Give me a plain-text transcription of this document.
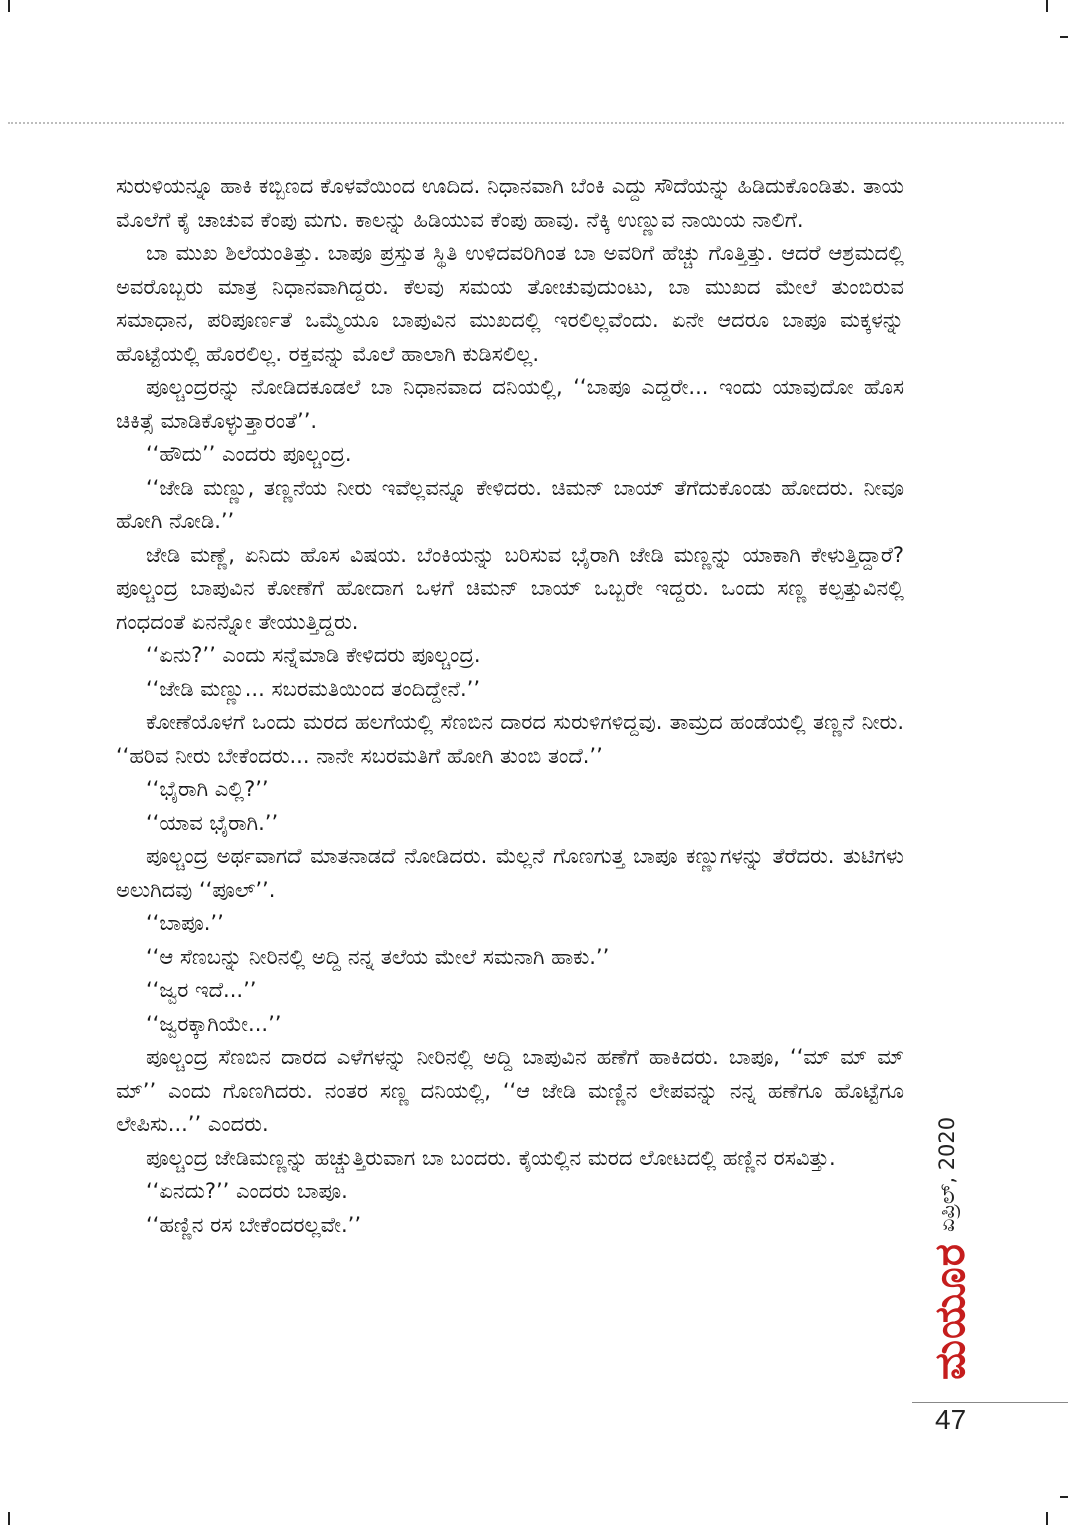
ಸುರುಳಿಯನ್ನೂ ಹಾಕಿ ಕಬ್ಬಿಣದ ಕೊಳವೆಯಿಂದ ಊದಿದ. ನಿಧಾನವಾಗಿ ಬೆಂಕಿ ಎದ್ದು ಸೌದೆಯನ್ನು ಹಿಡಿದುಕೊಂಡಿತು. ತಾಯ ಮೊಲೆಗೆ ಕೈ ಚಾಚುವ ಕೆಂಪು ಮಗು. ಕಾಲನ್ನು ಹಿಡಿಯುವ ಕೆಂಪು ಹಾವು. ನೆಕ್ಕಿ ಉಣ್ಣುವ ನಾಯಿಯ ನಾಲಿಗೆ.

ಬಾ ಮುಖ ಶಿಲೆಯಂತಿತ್ತು. ಬಾಪೂ ಪ್ರಸ್ತುತ ಸ್ಥಿತಿ ಉಳಿದವರಿಗಿಂತ ಬಾ ಅವರಿಗೆ ಹೆಚ್ಚು ಗೊತ್ತಿತ್ತು. ಆದರೆ ಆಶ್ರಮದಲ್ಲಿ ಅವರೊಬ್ಬರು ಮಾತ್ರ ನಿಧಾನವಾಗಿದ್ದರು. ಕೆಲವು ಸಮಯ ತೋಚುವುದುಂಟು, ಬಾ ಮುಖದ ಮೇಲೆ ತುಂಬಿರುವ ಸಮಾಧಾನ, ಪರಿಪೂರ್ಣತೆ ಒಮ್ಮೆಯೂ ಬಾಪುವಿನ ಮುಖದಲ್ಲಿ ಇರಲಿಲ್ಲವೆಂದು. ಏನೇ ಆದರೂ ಬಾಪೂ ಮಕ್ಕಳನ್ನು ಹೊಟ್ಟೆಯಲ್ಲಿ ಹೊರಲಿಲ್ಲ. ರಕ್ತವನ್ನು ಮೊಲೆ ಹಾಲಾಗಿ ಕುಡಿಸಲಿಲ್ಲ.

ಪೂಲ್ಚಂದ್ರರನ್ನು ನೋಡಿದಕೂಡಲೆ ಬಾ ನಿಧಾನವಾದ ದನಿಯಲ್ಲಿ, ‘‘ಬಾಪೂ ಎದ್ದರೇ... ಇಂದು ಯಾವುದೋ ಹೊಸ ಚಿಕಿತ್ಸೆ ಮಾಡಿಕೊಳ್ಳುತ್ತಾರಂತೆ’’.

‘‘ಹೌದು’’ ಎಂದರು ಪೂಲ್ಚಂದ್ರ.

‘‘ಜೇಡಿ ಮಣ್ಣು, ತಣ್ಣನೆಯ ನೀರು ಇವೆಲ್ಲವನ್ನೂ ಕೇಳಿದರು. ಚಿಮನ್ ಬಾಯ್ ತೆಗೆದುಕೊಂಡು ಹೋದರು. ನೀವೂ ಹೋಗಿ ನೋಡಿ.’’

ಜೇಡಿ ಮಣ್ಣೆ, ಏನಿದು ಹೊಸ ವಿಷಯ. ಬೆಂಕಿಯನ್ನು ಬರಿಸುವ ಭೈರಾಗಿ ಜೇಡಿ ಮಣ್ಣನ್ನು ಯಾಕಾಗಿ ಕೇಳುತ್ತಿದ್ದಾರೆ? ಪೂಲ್ಚಂದ್ರ ಬಾಪುವಿನ ಕೋಣೆಗೆ ಹೋದಾಗ ಒಳಗೆ ಚಿಮನ್ ಬಾಯ್ ಒಬ್ಬರೇ ಇದ್ದರು. ಒಂದು ಸಣ್ಣ ಕಲ್ಪತ್ತುವಿನಲ್ಲಿ ಗಂಧದಂತೆ ಏನನ್ನೋ ತೇಯುತ್ತಿದ್ದರು.

‘‘ಏನು?’’ ಎಂದು ಸನ್ನೆಮಾಡಿ ಕೇಳಿದರು ಪೂಲ್ಚಂದ್ರ.

‘‘ಜೇಡಿ ಮಣ್ಣು... ಸಬರಮತಿಯಿಂದ ತಂದಿದ್ದೇನೆ.’’

ಕೋಣೆಯೊಳಗೆ ಒಂದು ಮರದ ಹಲಗೆಯಲ್ಲಿ ಸೆಣಬಿನ ದಾರದ ಸುರುಳಿಗಳಿದ್ದವು. ತಾಮ್ರದ ಹಂಡೆಯಲ್ಲಿ ತಣ್ಣನೆ ನೀರು. ‘‘ಹರಿವ ನೀರು ಬೇಕೆಂದರು... ನಾನೇ ಸಬರಮತಿಗೆ ಹೋಗಿ ತುಂಬಿ ತಂದೆ.’’

‘‘ಭೈರಾಗಿ ಎಲ್ಲಿ?’’

‘‘ಯಾವ ಭೈರಾಗಿ.’’

ಪೂಲ್ಚಂದ್ರ ಅರ್ಥವಾಗದೆ ಮಾತನಾಡದೆ ನೋಡಿದರು. ಮೆಲ್ಲನೆ ಗೊಣಗುತ್ತ ಬಾಪೂ ಕಣ್ಣುಗಳನ್ನು ತೆರೆದರು. ತುಟಿಗಳು ಅಲುಗಿದವು ‘‘ಪೂಲ್’’.

‘‘ಬಾಪೂ.’’

‘‘ಆ ಸೆಣಬನ್ನು ನೀರಿನಲ್ಲಿ ಅದ್ದಿ ನನ್ನ ತಲೆಯ ಮೇಲೆ ಸಮನಾಗಿ ಹಾಕು.’’

‘‘ಜ್ವರ ಇದೆ...’’

‘‘ಜ್ವರಕ್ಕಾಗಿಯೇ...’’

ಪೂಲ್ಚಂದ್ರ ಸೆಣಬಿನ ದಾರದ ಎಳೆಗಳನ್ನು ನೀರಿನಲ್ಲಿ ಅದ್ದಿ ಬಾಪುವಿನ ಹಣೆಗೆ ಹಾಕಿದರು. ಬಾಪೂ, ‘‘ಮ್ ಮ್ ಮ್ ಮ್’’ ಎಂದು ಗೊಣಗಿದರು. ನಂತರ ಸಣ್ಣ ದನಿಯಲ್ಲಿ, ‘‘ಆ ಜೇಡಿ ಮಣ್ಣಿನ ಲೇಪವನ್ನು ನನ್ನ ಹಣೆಗೂ ಹೊಟ್ಟೆಗೂ ಲೇಪಿಸು...’’ ಎಂದರು.

ಪೂಲ್ಚಂದ್ರ ಜೇಡಿಮಣ್ಣನ್ನು ಹಚ್ಚುತ್ತಿರುವಾಗ ಬಾ ಬಂದರು. ಕೈಯಲ್ಲಿನ ಮರದ ಲೋಟದಲ್ಲಿ ಹಣ್ಣಿನ ರಸವಿತ್ತು.

‘‘ಏನದು?’’ ಎಂದರು ಬಾಪೂ.

‘‘ಹಣ್ಣಿನ ರಸ ಬೇಕೆಂದರಲ್ಲವೇ.’’	ಏಪ್ರಿಲ್, 2020
ಮಯೂರ
47
